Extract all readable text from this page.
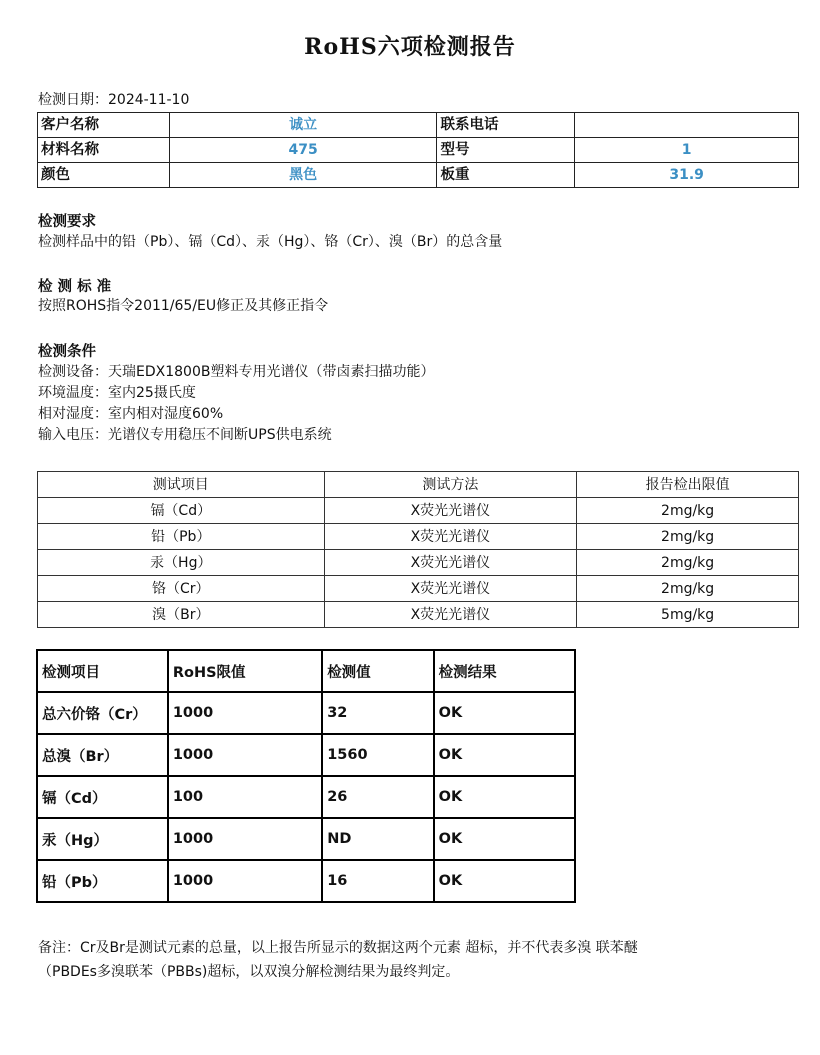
RoHS六项检测报告
检测日期：2024-11-10
客户名称	诚立	联系电话	
材料名称	475	型号	1
颜色	黑色	板重	31.9
检测要求
检测样品中的铅（Pb）、镉（Cd）、汞（Hg）、铬（Cr）、溴（Br）的总含量
检 测 标 准
按照ROHS指令2011/65/EU修正及其修正指令
检测条件
检测设备：天瑞EDX1800B塑料专用光谱仪（带卤素扫描功能）
环境温度：室内25摄氏度
相对湿度：室内相对湿度60%
输入电压：光谱仪专用稳压不间断UPS供电系统
测试项目	测试方法	报告检出限值
镉（Cd）	X荧光光谱仪	2mg/kg
铅（Pb）	X荧光光谱仪	2mg/kg
汞（Hg）	X荧光光谱仪	2mg/kg
铬（Cr）	X荧光光谱仪	2mg/kg
溴（Br）	X荧光光谱仪	5mg/kg
检测项目	RoHS限值	检测值	检测结果
总六价铬（Cr）	1000	32	OK
总溴（Br）	1000	1560	OK
镉（Cd）	100	26	OK
汞（Hg）	1000	ND	OK
铅（Pb）	1000	16	OK
备注：Cr及Br是测试元素的总量，以上报告所显示的数据这两个元素 超标，并不代表多溴 联苯醚
（PBDEs多溴联苯（PBBs)超标，以双溴分解检测结果为最终判定。
